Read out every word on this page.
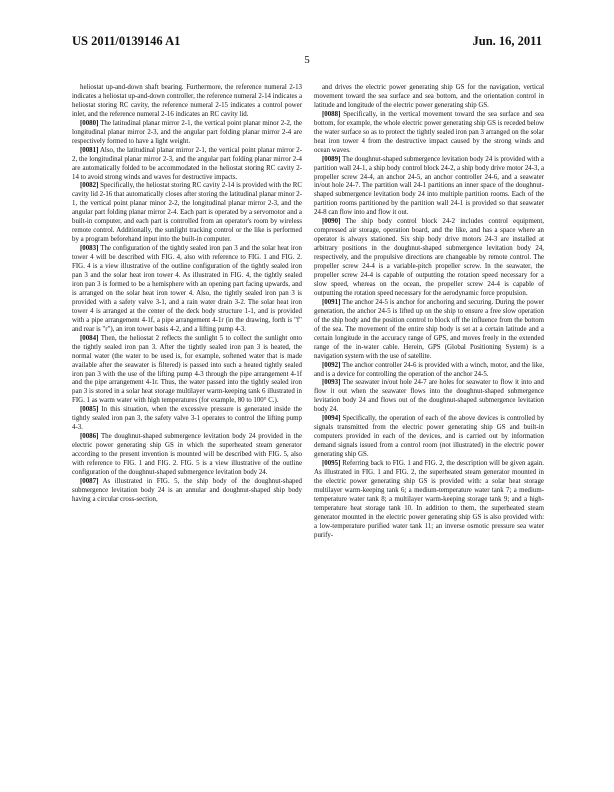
US 2011/0139146 A1	Jun. 16, 2011
5

heliostat up-and-down shaft bearing. Furthermore, the reference numeral 2-13 indicates a heliostat up-and-down controller, the reference numeral 2-14 indicates a heliostat storing RC cavity, the reference numeral 2-15 indicates a control power inlet, and the reference numeral 2-16 indicates an RC cavity lid.

[0080] The latitudinal planar mirror 2-1, the vertical point planar minor 2-2, the longitudinal planar mirror 2-3, and the angular part folding planar mirror 2-4 are respectively formed to have a light weight.

[0081] Also, the latitudinal planar mirror 2-1, the vertical point planar mirror 2-2, the longitudinal planar mirror 2-3, and the angular part folding planar mirror 2-4 are automatically folded to be accommodated in the heliostat storing RC cavity 2-14 to avoid strong winds and waves for destructive impacts.

[0082] Specifically, the heliostat storing RC cavity 2-14 is provided with the RC cavity lid 2-16 that automatically closes after storing the latitudinal planar minor 2-1, the vertical point planar minor 2-2, the longitudinal planar mirror 2-3, and the angular part folding planar mirror 2-4. Each part is operated by a servomotor and a built-in computer, and each part is controlled from an operator's room by wireless remote control. Additionally, the sunlight tracking control or the like is performed by a program beforehand input into the built-in computer.

[0083] The configuration of the tightly sealed iron pan 3 and the solar heat iron tower 4 will be described with FIG. 4, also with reference to FIG. 1 and FIG. 2. FIG. 4 is a view illustrative of the outline configuration of the tightly sealed iron pan 3 and the solar heat iron tower 4. As illustrated in FIG. 4, the tightly sealed iron pan 3 is formed to be a hemisphere with an opening part facing upwards, and is arranged on the solar heat iron tower 4. Also, the tightly sealed iron pan 3 is provided with a safety valve 3-1, and a rain water drain 3-2. The solar heat iron tower 4 is arranged at the center of the deck body structure 1-1, and is provided with a pipe arrangement 4-1f, a pipe arrangement 4-1r (in the drawing, forth is "f" and rear is "r"), an iron tower basis 4-2, and a lifting pump 4-3.

[0084] Then, the heliostat 2 reflects the sunlight 5 to collect the sunlight onto the tightly sealed iron pan 3. After the tightly sealed iron pan 3 is heated, the normal water (the water to be used is, for example, softened water that is made available after the seawater is filtered) is passed into such a heated tightly sealed iron pan 3 with the use of the lifting pump 4-3 through the pipe arrangement 4-1f and the pipe arrangement 4-1r. Thus, the water passed into the tightly sealed iron pan 3 is stored in a solar heat storage multilayer warm-keeping tank 6 illustrated in FIG. 1 as warm water with high temperatures (for example, 80 to 100° C.).

[0085] In this situation, when the excessive pressure is generated inside the tightly sealed iron pan 3, the safety valve 3-1 operates to control the lifting pump 4-3.

[0086] The doughnut-shaped submergence levitation body 24 provided in the electric power generating ship GS in which the superheated steam generator according to the present invention is mounted will be described with FIG. 5, also with reference to FIG. 1 and FIG. 2. FIG. 5 is a view illustrative of the outline configuration of the doughnut-shaped submergence levitation body 24.

[0087] As illustrated in FIG. 5, the ship body of the doughnut-shaped submergence levitation body 24 is an annular and doughnut-shaped ship body having a circular cross-section,

and drives the electric power generating ship GS for the navigation, vertical movement toward the sea surface and sea bottom, and the orientation control in latitude and longitude of the electric power generating ship GS.

[0088] Specifically, in the vertical movement toward the sea surface and sea bottom, for example, the whole electric power generating ship GS is receded below the water surface so as to protect the tightly sealed iron pan 3 arranged on the solar heat iron tower 4 from the destructive impact caused by the strong winds and ocean waves.

[0089] The doughnut-shaped submergence levitation body 24 is provided with a partition wall 24-1, a ship body control block 24-2, a ship body drive motor 24-3, a propeller screw 24-4, an anchor 24-5, an anchor controller 24-6, and a seawater in/out hole 24-7. The partition wall 24-1 partitions an inner space of the doughnut-shaped submergence levitation body 24 into multiple partition rooms. Each of the partition rooms partitioned by the partition wall 24-1 is provided so that seawater 24-8 can flow into and flow it out.

[0090] The ship body control block 24-2 includes control equipment, compressed air storage, operation board, and the like, and has a space where an operator is always stationed. Six ship body drive motors 24-3 are installed at arbitrary positions in the doughnut-shaped submergence levitation body 24, respectively, and the propulsive directions are changeable by remote control. The propeller screw 24-4 is a variable-pitch propeller screw. In the seawater, the propeller screw 24-4 is capable of outputting the rotation speed necessary for a slow speed, whereas on the ocean, the propeller screw 24-4 is capable of outputting the rotation speed necessary for the aerodynamic force propulsion.

[0091] The anchor 24-5 is anchor for anchoring and securing. During the power generation, the anchor 24-5 is lifted up on the ship to ensure a free slow operation of the ship body and the position control to block off the influence from the bottom of the sea. The movement of the entire ship body is set at a certain latitude and a certain longitude in the accuracy range of GPS, and moves freely in the extended range of the in-water cable. Herein, GPS (Global Positioning System) is a navigation system with the use of satellite.

[0092] The anchor controller 24-6 is provided with a winch, motor, and the like, and is a device for controlling the operation of the anchor 24-5.

[0093] The seawater in/out hole 24-7 are holes for seawater to flow it into and flow it out when the seawater flows into the doughnut-shaped submergence levitation body 24 and flows out of the doughnut-shaped submergence levitation body 24.

[0094] Specifically, the operation of each of the above devices is controlled by signals transmitted from the electric power generating ship GS and built-in computers provided in each of the devices, and is carried out by information demand signals issued from a control room (not illustrated) in the electric power generating ship GS.

[0095] Referring back to FIG. 1 and FIG. 2, the description will be given again. As illustrated in FIG. 1 and FIG. 2, the superheated steam generator mounted in the electric power generating ship GS is provided with: a solar heat storage multilayer warm-keeping tank 6; a medium-temperature water tank 7; a medium-temperature water tank 8; a multilayer warm-keeping storage tank 9; and a high-temperature heat storage tank 10. In addition to them, the superheated steam generator mounted in the electric power generating ship GS is also provided with: a low-temperature purified water tank 11; an inverse osmotic pressure sea water purify-
